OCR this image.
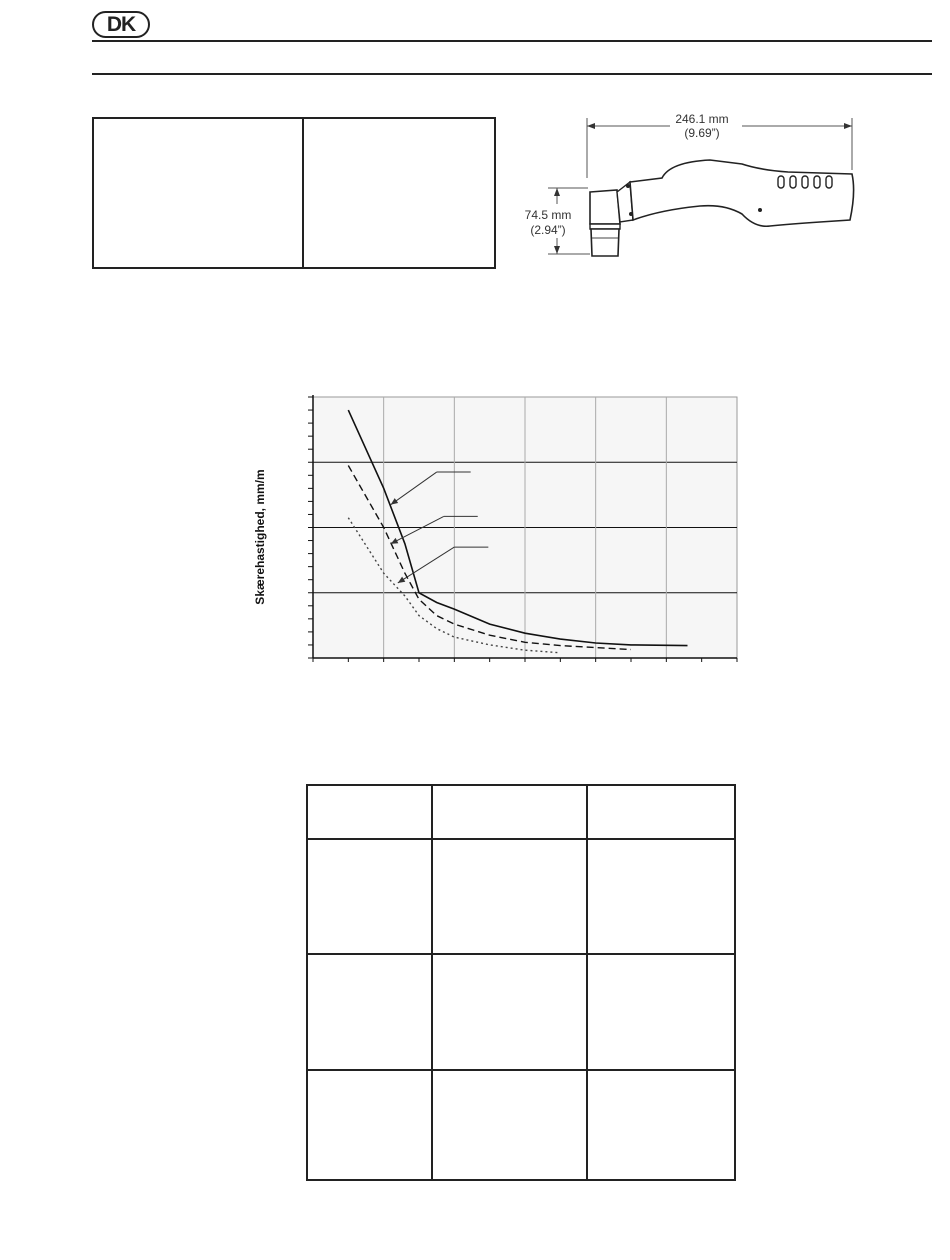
DK
246.1 mm
(9.69”)
74.5 mm
(2.94”)
Skærehastighed, mm/m
